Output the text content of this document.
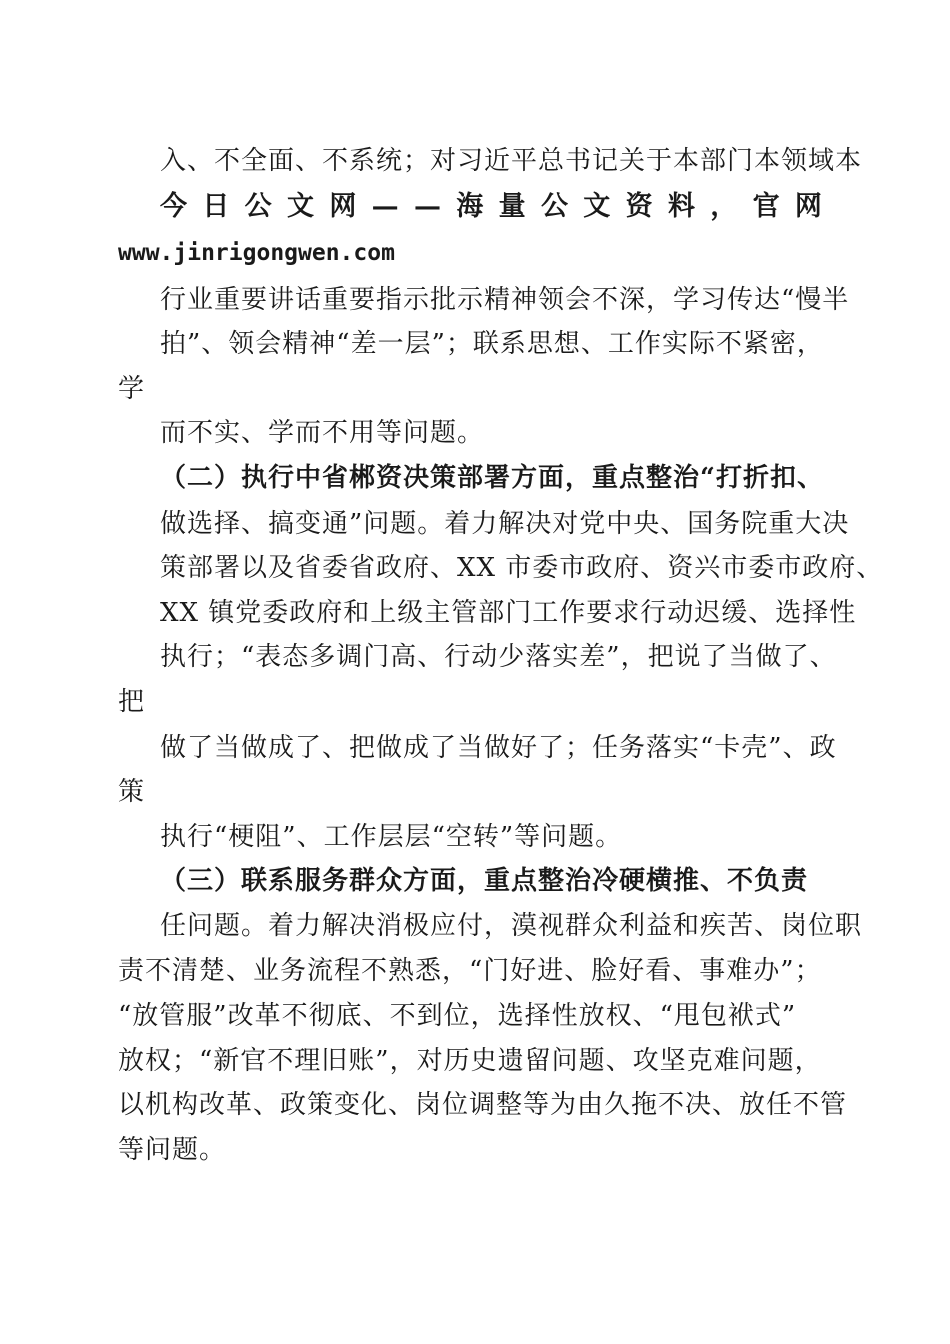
入、不全面、不系统；对习近平总书记关于本部门本领域本
今 日 公 文 网 — — 海 量 公 文 资 料 ， 官 网
www.jinrigongwen.com
行业重要讲话重要指示批示精神领会不深，学习传达“慢半
拍”、领会精神“差一层”；联系思想、工作实际不紧密，
学
而不实、学而不用等问题。
（二）执行中省郴资决策部署方面，重点整治“打折扣、
做选择、搞变通”问题。着力解决对党中央、国务院重大决
策部署以及省委省政府、XX 市委市政府、资兴市委市政府、
XX 镇党委政府和上级主管部门工作要求行动迟缓、选择性
执行；“表态多调门高、行动少落实差”，把说了当做了、
把
做了当做成了、把做成了当做好了；任务落实“卡壳”、政
策
执行“梗阻”、工作层层“空转”等问题。
（三）联系服务群众方面，重点整治冷硬横推、不负责
任问题。着力解决消极应付，漠视群众利益和疾苦、岗位职
责不清楚、业务流程不熟悉，“门好进、脸好看、事难办”；
“放管服”改革不彻底、不到位，选择性放权、“甩包袱式”
放权；“新官不理旧账”，对历史遗留问题、攻坚克难问题，
以机构改革、政策变化、岗位调整等为由久拖不决、放任不管
等问题。
